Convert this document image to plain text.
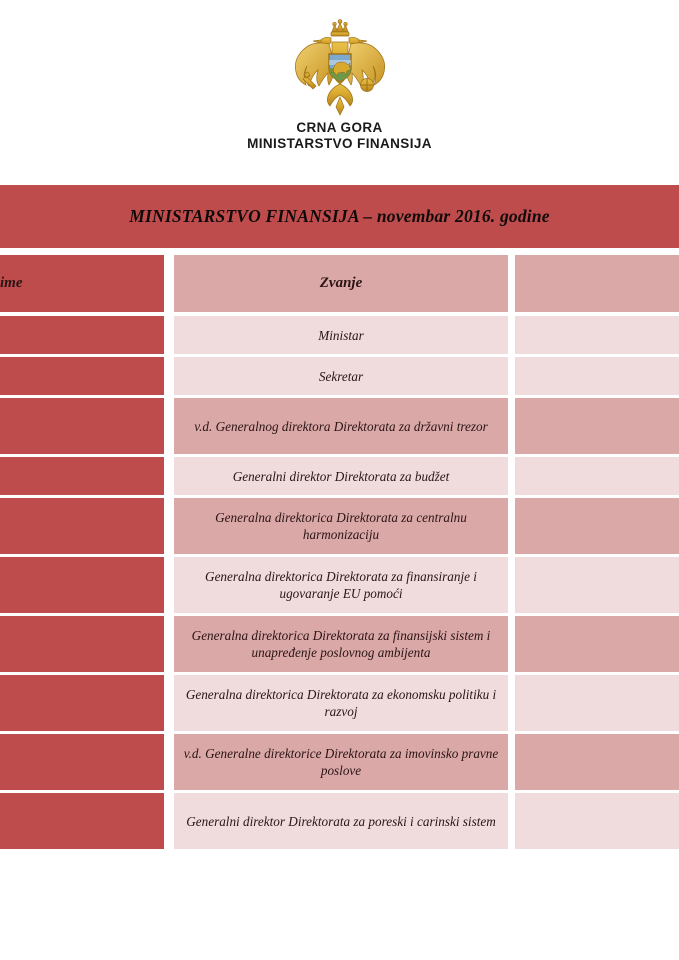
CRNA GORA
MINISTARSTVO FINANSIJA
MINISTARSTVO FINANSIJA – novembar 2016. godine
ime	Zvanje
Ministar
Sekretar
v.d. Generalnog direktora Direktorata za državni trezor
Generalni direktor Direktorata za budžet
Generalna direktorica Direktorata za centralnu harmonizaciju
Generalna direktorica Direktorata za finansiranje i ugovaranje EU pomoći
Generalna direktorica Direktorata za finansijski sistem i unapređenje poslovnog ambijenta
Generalna direktorica Direktorata za ekonomsku politiku i razvoj
v.d. Generalne direktorice Direktorata za imovinsko pravne poslove
Generalni direktor Direktorata za poreski i carinski sistem
